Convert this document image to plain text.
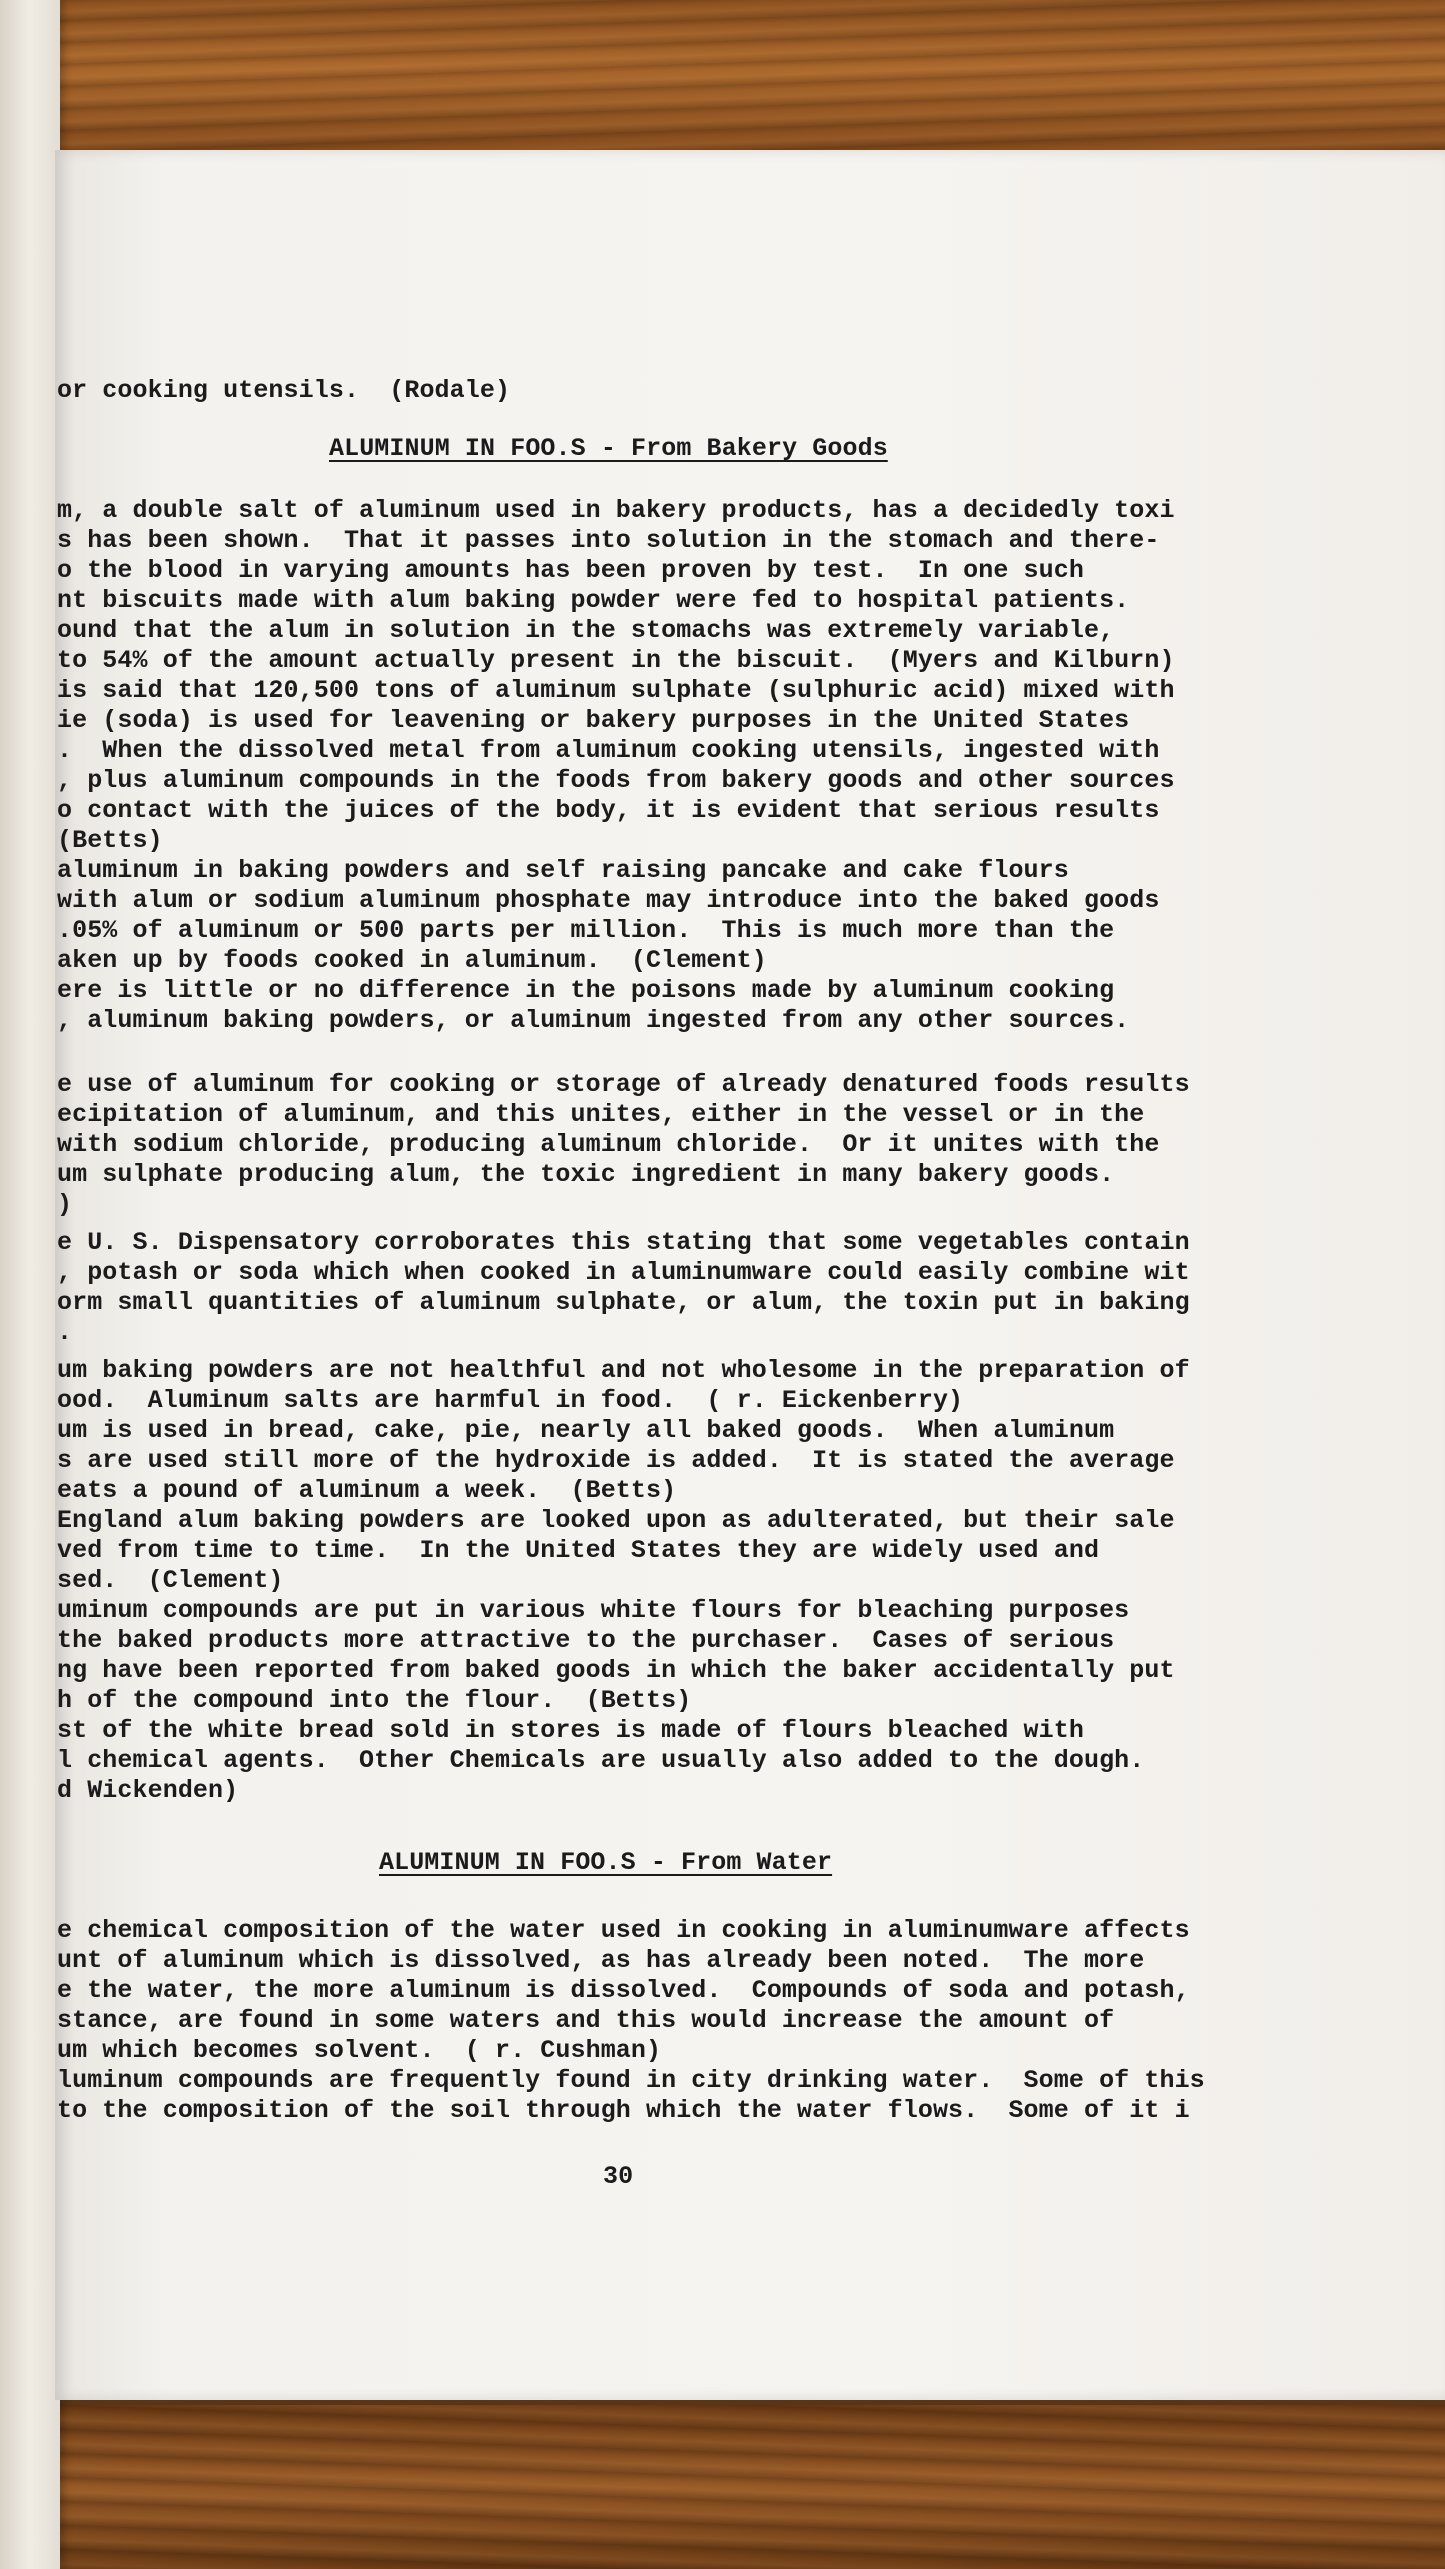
or cooking utensils.  (Rodale)
ALUMINUM IN FOO.S - From Bakery Goods
m, a double salt of aluminum used in bakery products, has a decidedly toxi
s has been shown.  That it passes into solution in the stomach and there-
o the blood in varying amounts has been proven by test.  In one such
nt biscuits made with alum baking powder were fed to hospital patients.
ound that the alum in solution in the stomachs was extremely variable,
to 54% of the amount actually present in the biscuit.  (Myers and Kilburn)
is said that 120,500 tons of aluminum sulphate (sulphuric acid) mixed with
ie (soda) is used for leavening or bakery purposes in the United States
.  When the dissolved metal from aluminum cooking utensils, ingested with
, plus aluminum compounds in the foods from bakery goods and other sources
o contact with the juices of the body, it is evident that serious results
(Betts)
aluminum in baking powders and self raising pancake and cake flours
with alum or sodium aluminum phosphate may introduce into the baked goods
.05% of aluminum or 500 parts per million.  This is much more than the
aken up by foods cooked in aluminum.  (Clement)
ere is little or no difference in the poisons made by aluminum cooking
, aluminum baking powders, or aluminum ingested from any other sources.
e use of aluminum for cooking or storage of already denatured foods results
ecipitation of aluminum, and this unites, either in the vessel or in the
with sodium chloride, producing aluminum chloride.  Or it unites with the
um sulphate producing alum, the toxic ingredient in many bakery goods.
)
e U. S. Dispensatory corroborates this stating that some vegetables contain
, potash or soda which when cooked in aluminumware could easily combine wit
orm small quantities of aluminum sulphate, or alum, the toxin put in baking
.
um baking powders are not healthful and not wholesome in the preparation of
ood.  Aluminum salts are harmful in food.  ( r. Eickenberry)
um is used in bread, cake, pie, nearly all baked goods.  When aluminum
s are used still more of the hydroxide is added.  It is stated the average
eats a pound of aluminum a week.  (Betts)
England alum baking powders are looked upon as adulterated, but their sale
ved from time to time.  In the United States they are widely used and
sed.  (Clement)
uminum compounds are put in various white flours for bleaching purposes
the baked products more attractive to the purchaser.  Cases of serious
ng have been reported from baked goods in which the baker accidentally put
h of the compound into the flour.  (Betts)
st of the white bread sold in stores is made of flours bleached with
l chemical agents.  Other Chemicals are usually also added to the dough.
d Wickenden)
ALUMINUM IN FOO.S - From Water
e chemical composition of the water used in cooking in aluminumware affects
unt of aluminum which is dissolved, as has already been noted.  The more
e the water, the more aluminum is dissolved.  Compounds of soda and potash,
stance, are found in some waters and this would increase the amount of
um which becomes solvent.  ( r. Cushman)
luminum compounds are frequently found in city drinking water.  Some of this
to the composition of the soil through which the water flows.  Some of it i
30
